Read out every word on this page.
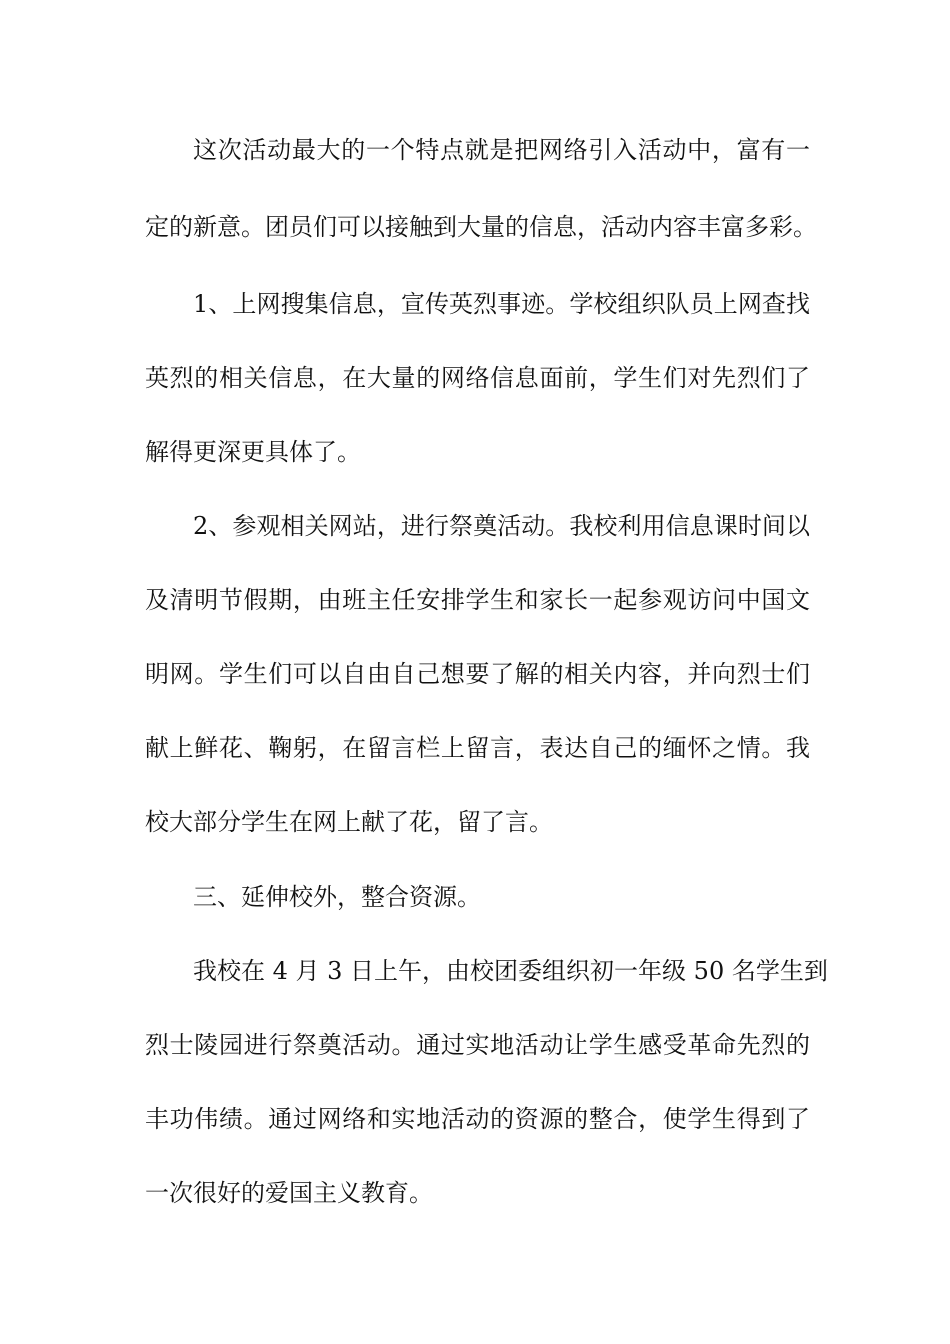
这次活动最大的一个特点就是把网络引入活动中，富有一
定的新意。团员们可以接触到大量的信息，活动内容丰富多彩。
1、上网搜集信息，宣传英烈事迹。学校组织队员上网查找
英烈的相关信息，在大量的网络信息面前，学生们对先烈们了
解得更深更具体了。
2、参观相关网站，进行祭奠活动。我校利用信息课时间以
及清明节假期，由班主任安排学生和家长一起参观访问中国文
明网。学生们可以自由自己想要了解的相关内容，并向烈士们
献上鲜花、鞠躬，在留言栏上留言，表达自己的缅怀之情。我
校大部分学生在网上献了花，留了言。
三、延伸校外，整合资源。
我校在 4 月 3 日上午，由校团委组织初一年级 50 名学生到
烈士陵园进行祭奠活动。通过实地活动让学生感受革命先烈的
丰功伟绩。通过网络和实地活动的资源的整合，使学生得到了
一次很好的爱国主义教育。
